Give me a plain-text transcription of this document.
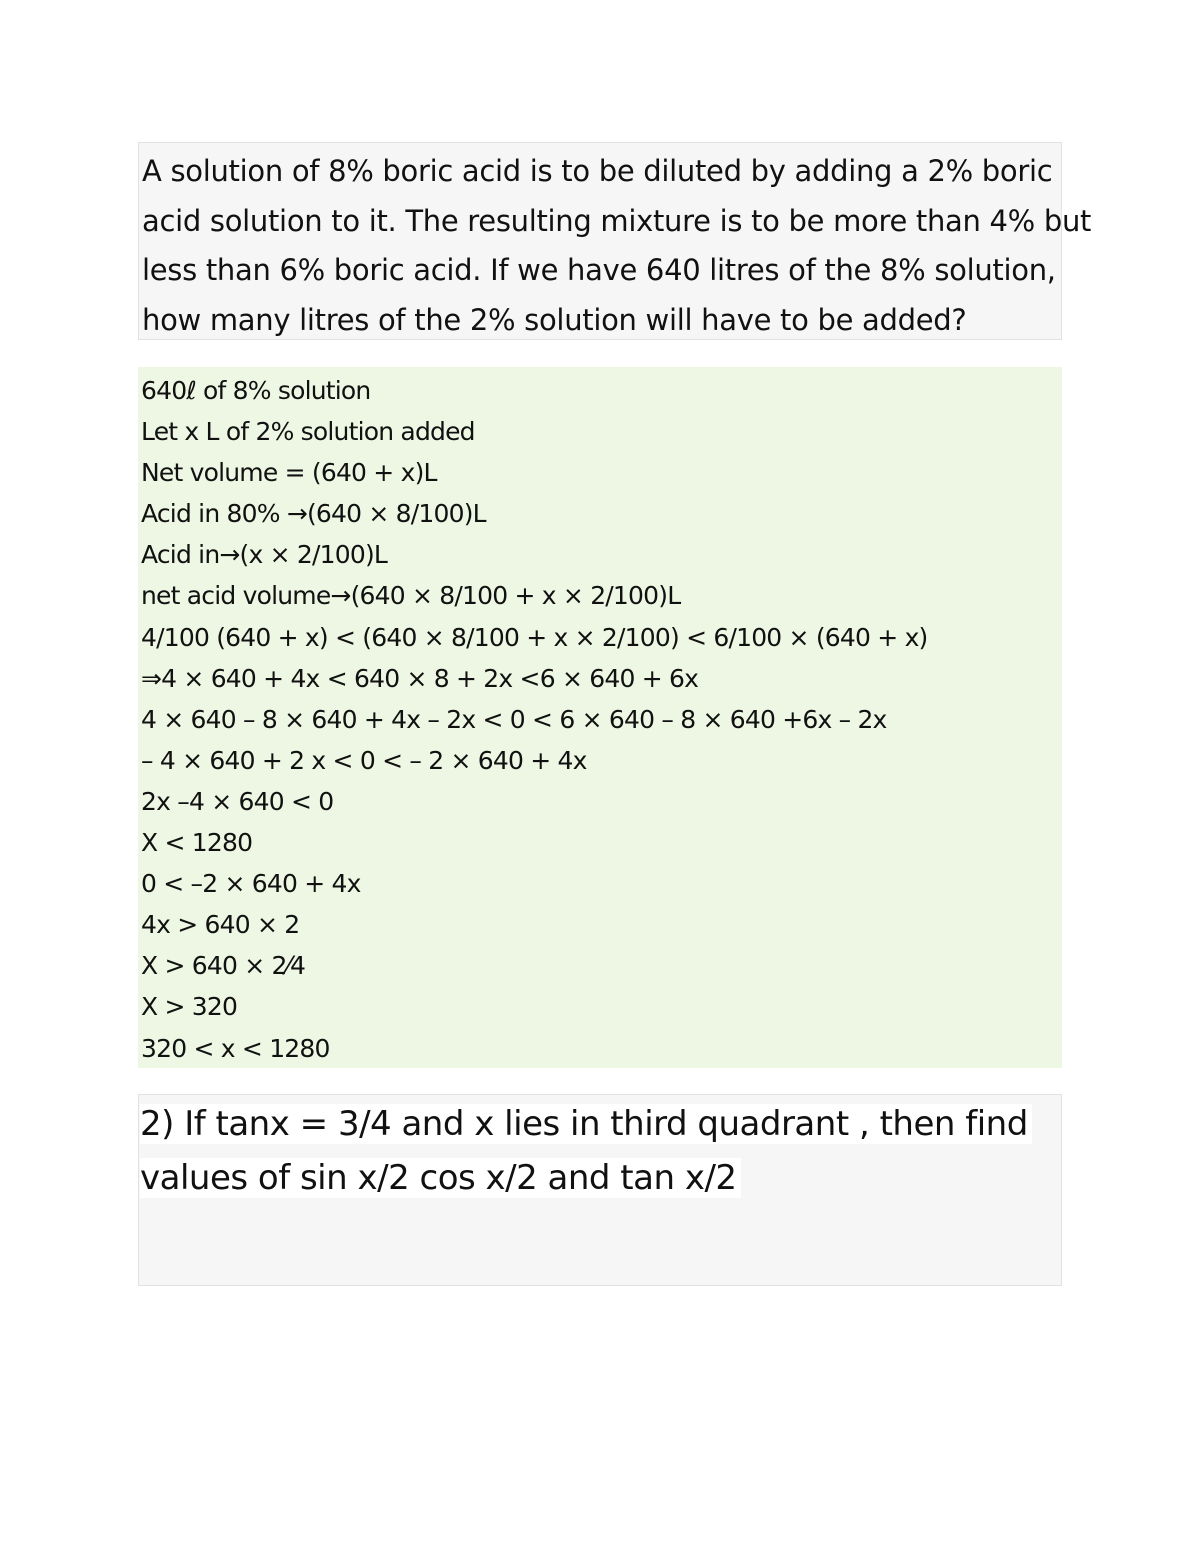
A solution of 8% boric acid is to be diluted by adding a 2% boric
acid solution to it. The resulting mixture is to be more than 4% but
less than 6% boric acid. If we have 640 litres of the 8% solution,
how many litres of the 2% solution will have to be added?
640ℓ of 8% solution
Let x L of 2% solution added
Net volume = (640 + x)L
Acid in 80% →(640 × 8/100)L
Acid in→(x × 2/100)L
net acid volume→(640 × 8/100 + x × 2/100)L
4/100 (640 + x) < (640 × 8/100 + x × 2/100) < 6/100 × (640 + x)
⇒4 × 640 + 4x < 640 × 8 + 2x <6 × 640 + 6x
4 × 640 – 8 × 640 + 4x – 2x < 0 < 6 × 640 – 8 × 640 +6x – 2x
– 4 × 640 + 2 x < 0 < – 2 × 640 + 4x
2x –4 × 640 < 0
X < 1280
0 < –2 × 640 + 4x
4x > 640 × 2
X > 640 × 2⁄4
X > 320
320 < x < 1280
2) If tanx = 3/4 and x lies in third quadrant , then find
values of sin x/2 cos x/2 and tan x/2
